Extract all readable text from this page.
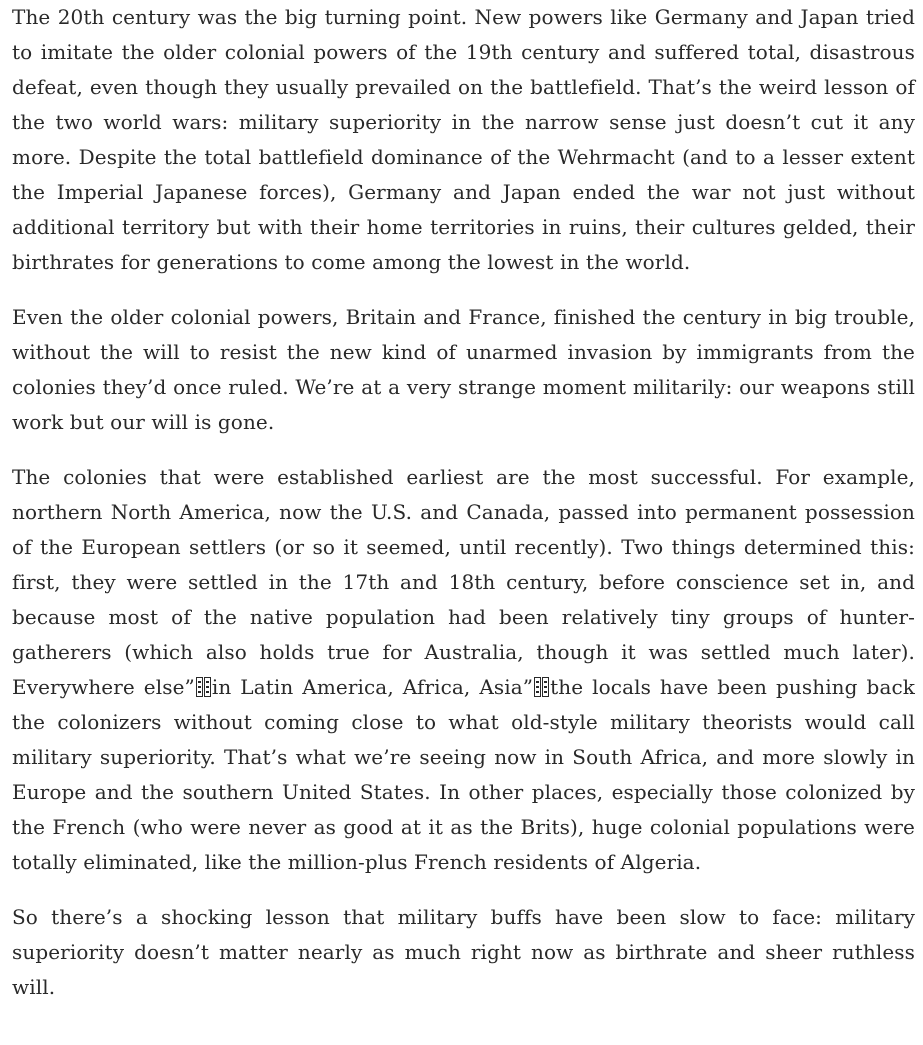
The 20th century was the big turning point. New powers like Germany and Japan tried to imitate the older colonial powers of the 19th century and suffered total, disastrous defeat, even though they usually prevailed on the battlefield. That’s the weird lesson of the two world wars: military superiority in the narrow sense just doesn’t cut it any more. Despite the total battlefield dominance of the Wehrmacht (and to a lesser extent the Imperial Japanese forces), Germany and Japan ended the war not just without additional territory but with their home territories in ruins, their cultures gelded, their birthrates for generations to come among the lowest in the world.

Even the older colonial powers, Britain and France, finished the century in big trouble, without the will to resist the new kind of unarmed invasion by immigrants from the colonies they’d once ruled. We’re at a very strange moment militarily: our weapons still work but our will is gone.

The colonies that were established earliest are the most successful. For example, northern North America, now the U.S. and Canada, passed into permanent possession of the European settlers (or so it seemed, until recently). Two things determined this: first, they were settled in the 17th and 18th century, before conscience set in, and because most of the native population had been relatively tiny groups of hunter-gatherers (which also holds true for Australia, though it was settled much later). Everywhere else” in Latin America, Africa, Asia” the locals have been pushing back the colonizers without coming close to what old-style military theorists would call military superiority. That’s what we’re seeing now in South Africa, and more slowly in Europe and the southern United States. In other places, especially those colonized by the French (who were never as good at it as the Brits), huge colonial populations were totally eliminated, like the million-plus French residents of Algeria.

So there’s a shocking lesson that military buffs have been slow to face: military superiority doesn’t matter nearly as much right now as birthrate and sheer ruthless will.
